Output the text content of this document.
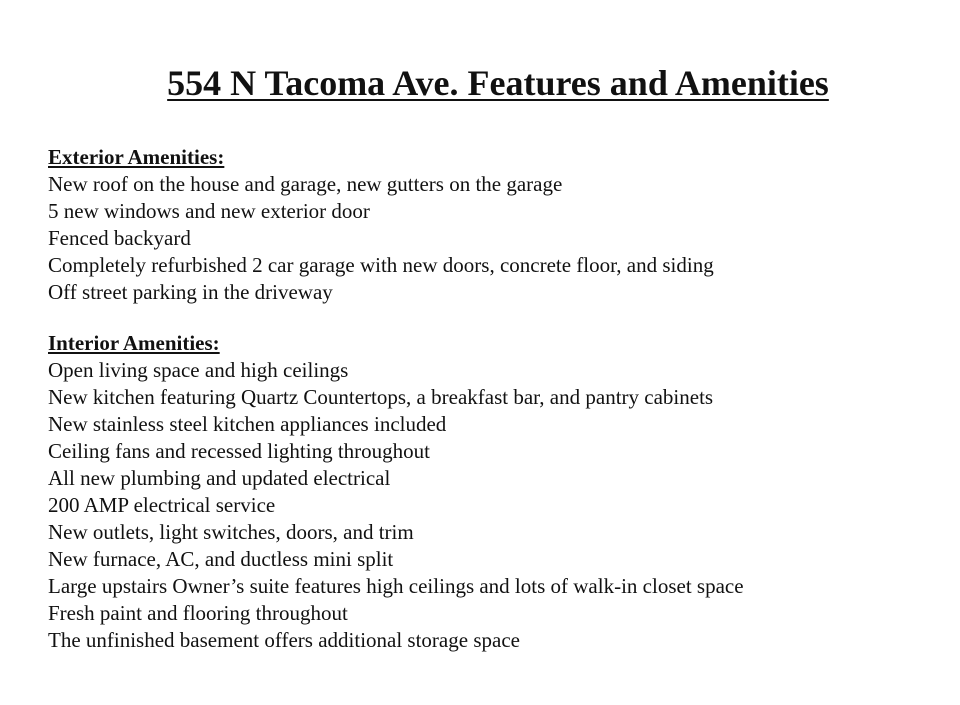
554 N Tacoma Ave. Features and Amenities

Exterior Amenities:

New roof on the house and garage, new gutters on the garage
5 new windows and new exterior door
Fenced backyard
Completely refurbished 2 car garage with new doors, concrete floor, and siding
Off street parking in the driveway

Interior Amenities:

Open living space and high ceilings
New kitchen featuring Quartz Countertops, a breakfast bar, and pantry cabinets
New stainless steel kitchen appliances included
Ceiling fans and recessed lighting throughout
All new plumbing and updated electrical
200 AMP electrical service
New outlets, light switches, doors, and trim
New furnace, AC, and ductless mini split
Large upstairs Owner’s suite features high ceilings and lots of walk-in closet space
Fresh paint and flooring throughout
The unfinished basement offers additional storage space
